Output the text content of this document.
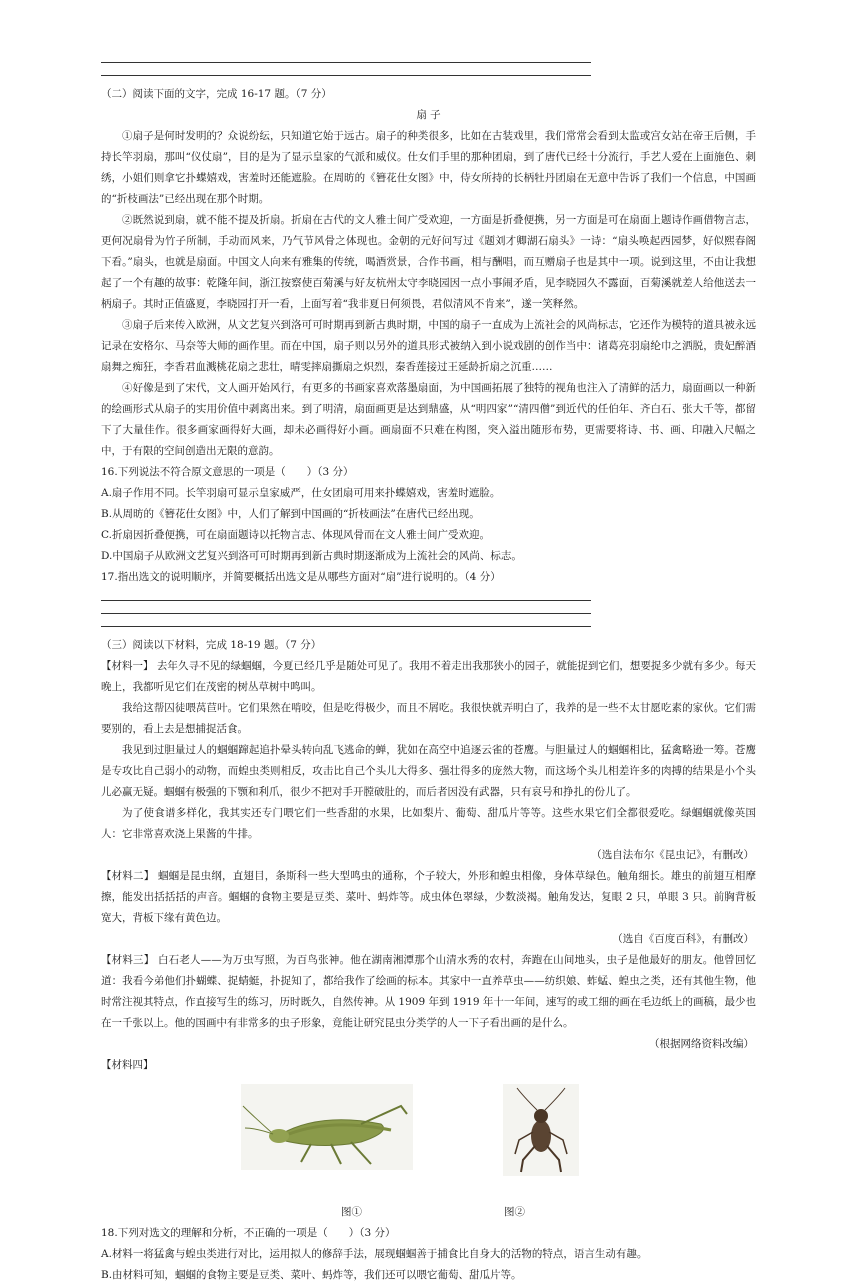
（二）阅读下面的文字，完成 16-17 题。（7 分）
扇 子
①扇子是何时发明的？众说纷纭，只知道它始于远古。扇子的种类很多，比如在古装戏里，我们常常会看到太监或宫女站在帝王后侧，手持长竿羽扇，那叫“仪仗扇”，目的是为了显示皇家的气派和威仪。仕女们手里的那种团扇，到了唐代已经十分流行，手艺人爱在上面施色、刺绣，小姐们则拿它扑蝶嬉戏，害羞时还能遮脸。在周昉的《簪花仕女图》中，侍女所持的长柄牡丹团扇在无意中告诉了我们一个信息，中国画的“折枝画法”已经出现在那个时期。
②既然说到扇，就不能不提及折扇。折扇在古代的文人雅士间广受欢迎，一方面是折叠便携，另一方面是可在扇面上题诗作画借物言志，更何况扇骨为竹子所制，手动而风来，乃气节风骨之体现也。金朝的元好问写过《题刘才卿湖石扇头》一诗：“扇头唤起西园梦，好似熙春阁下看。”扇头，也就是扇面。中国文人向来有雅集的传统，喝酒赏景，合作书画，相与酬唱，而互赠扇子也是其中一项。说到这里，不由让我想起了一个有趣的故事：乾隆年间，浙江按察使百菊溪与好友杭州太守李晓园因一点小事闹矛盾，见李晓园久不露面，百菊溪就差人给他送去一柄扇子。其时正值盛夏，李晓园打开一看，上面写着“我非夏日何须畏，君似清风不肯来”，遂一笑释然。
③扇子后来传入欧洲，从文艺复兴到洛可可时期再到新古典时期，中国的扇子一直成为上流社会的风尚标志，它还作为模特的道具被永远记录在安格尔、马奈等大师的画作里。而在中国，扇子则以另外的道具形式被纳入到小说戏剧的创作当中：诸葛亮羽扇纶巾之洒脱，贵妃醉酒扇舞之痴狂，李香君血溅桃花扇之悲壮，晴雯摔扇撕扇之炽烈，秦香莲接过王延龄折扇之沉重……
④好像是到了宋代，文人画开始风行，有更多的书画家喜欢落墨扇面，为中国画拓展了独特的视角也注入了清鲜的活力，扇面画以一种新的绘画形式从扇子的实用价值中剥离出来。到了明清，扇面画更是达到鼎盛，从“明四家”“清四僧”到近代的任伯年、齐白石、张大千等，都留下了大量佳作。很多画家画得好大画，却未必画得好小画。画扇面不只难在构图，突入溢出随形布势，更需要将诗、书、画、印融入尺幅之中，于有限的空间创造出无限的意韵。
16.下列说法不符合原文意思的一项是（　　）（3 分）
A.扇子作用不同。长竿羽扇可显示皇家威严，仕女团扇可用来扑蝶嬉戏，害羞时遮脸。
B.从周昉的《簪花仕女图》中，人们了解到中国画的“折枝画法”在唐代已经出现。
C.折扇因折叠便携，可在扇面题诗以托物言志、体现风骨而在文人雅士间广受欢迎。
D.中国扇子从欧洲文艺复兴到洛可可时期再到新古典时期逐渐成为上流社会的风尚、标志。
17.指出选文的说明顺序，并简要概括出选文是从哪些方面对“扇”进行说明的。（4 分）
（三）阅读以下材料，完成 18-19 题。（7 分）
【材料一】 去年久寻不见的绿蝈蝈，今夏已经几乎是随处可见了。我用不着走出我那狭小的园子，就能捉到它们，想要捉多少就有多少。每天晚上，我都听见它们在茂密的树丛草树中鸣叫。
我给这帮囚徒喂莴苣叶。它们果然在啃咬，但是吃得极少，而且不屑吃。我很快就弄明白了，我养的是一些不太甘愿吃素的家伙。它们需要别的，看上去是想捕捉活食。
我见到过胆量过人的蝈蝈蹿起追扑晕头转向乱飞逃命的蝉，犹如在高空中追逐云雀的苍鹰。与胆量过人的蝈蝈相比，猛禽略逊一筹。苍鹰是专攻比自己弱小的动物，而蝗虫类则相反，攻击比自己个头儿大得多、强壮得多的庞然大物，而这场个头儿相差许多的肉搏的结果是小个头儿必赢无疑。蝈蝈有极强的下颚和利爪，很少不把对手开膛破肚的，而后者因没有武器，只有哀号和挣扎的份儿了。
为了使食谱多样化，我其实还专门喂它们一些香甜的水果，比如梨片、葡萄、甜瓜片等等。这些水果它们全都很爱吃。绿蝈蝈就像英国人：它非常喜欢浇上果酱的牛排。
（选自法布尔《昆虫记》，有删改）
【材料二】 蝈蝈是昆虫纲，直翅目，条斯科一些大型鸣虫的通称，个子较大，外形和蝗虫相像，身体草绿色。触角细长。雄虫的前翅互相摩擦，能发出括括括的声音。蝈蝈的食物主要是豆类、菜叶、蚂炸等。成虫体色翠绿，少数淡褐。触角发达，复眼 2 只，单眼 3 只。前胸背板宽大，背板下缘有黄色边。
（选自《百度百科》，有删改）
【材料三】 白石老人——为万虫写照，为百鸟张神。他在湖南湘潭那个山清水秀的农村，奔跑在山间地头，虫子是他最好的朋友。他曾回忆道：我看今弟他们扑蝴蝶、捉蜻蜓，扑捉知了，都给我作了绘画的标本。其家中一直养草虫——纺织娘、蚱蜢、蝗虫之类，还有其他生物，他时常注视其特点，作直接写生的练习，历时既久，自然传神。从 1909 年到 1919 年十一年间，速写的或工细的画在毛边纸上的画稿，最少也在一千张以上。他的国画中有非常多的虫子形象，竟能让研究昆虫分类学的人一下子看出画的是什么。
（根据网络资料改编）
【材料四】
图①	图②
18.下列对选文的理解和分析，不正确的一项是（　　）（3 分）
A.材料一将猛禽与蝗虫类进行对比，运用拟人的修辞手法，展现蝈蝈善于捕食比自身大的活物的特点，语言生动有趣。
B.由材料可知，蝈蝈的食物主要是豆类、菜叶、蚂炸等，我们还可以喂它葡萄、甜瓜片等。
